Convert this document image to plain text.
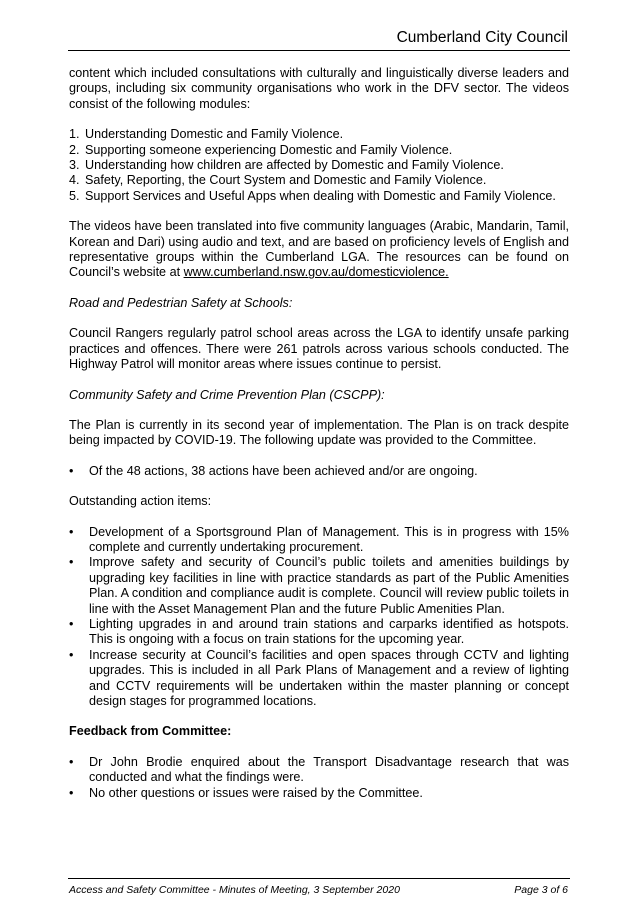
Cumberland City Council

content which included consultations with culturally and linguistically diverse leaders and groups, including six community organisations who work in the DFV sector. The videos consist of the following modules:

1. Understanding Domestic and Family Violence.
2. Supporting someone experiencing Domestic and Family Violence.
3. Understanding how children are affected by Domestic and Family Violence.
4. Safety, Reporting, the Court System and Domestic and Family Violence.
5. Support Services and Useful Apps when dealing with Domestic and Family Violence.

The videos have been translated into five community languages (Arabic, Mandarin, Tamil, Korean and Dari) using audio and text, and are based on proficiency levels of English and representative groups within the Cumberland LGA. The resources can be found on Council’s website at www.cumberland.nsw.gov.au/domesticviolence.

Road and Pedestrian Safety at Schools:

Council Rangers regularly patrol school areas across the LGA to identify unsafe parking practices and offences. There were 261 patrols across various schools conducted. The Highway Patrol will monitor areas where issues continue to persist.

Community Safety and Crime Prevention Plan (CSCPP):

The Plan is currently in its second year of implementation. The Plan is on track despite being impacted by COVID-19. The following update was provided to the Committee.

• Of the 48 actions, 38 actions have been achieved and/or are ongoing.

Outstanding action items:

• Development of a Sportsground Plan of Management. This is in progress with 15% complete and currently undertaking procurement.
• Improve safety and security of Council’s public toilets and amenities buildings by upgrading key facilities in line with practice standards as part of the Public Amenities Plan. A condition and compliance audit is complete. Council will review public toilets in line with the Asset Management Plan and the future Public Amenities Plan.
• Lighting upgrades in and around train stations and carparks identified as hotspots. This is ongoing with a focus on train stations for the upcoming year.
• Increase security at Council’s facilities and open spaces through CCTV and lighting upgrades. This is included in all Park Plans of Management and a review of lighting and CCTV requirements will be undertaken within the master planning or concept design stages for programmed locations.
Feedback from Committee:
• Dr John Brodie enquired about the Transport Disadvantage research that was conducted and what the findings were.
• No other questions or issues were raised by the Committee.
Access and Safety Committee - Minutes of Meeting, 3 September 2020	Page 3 of 6
